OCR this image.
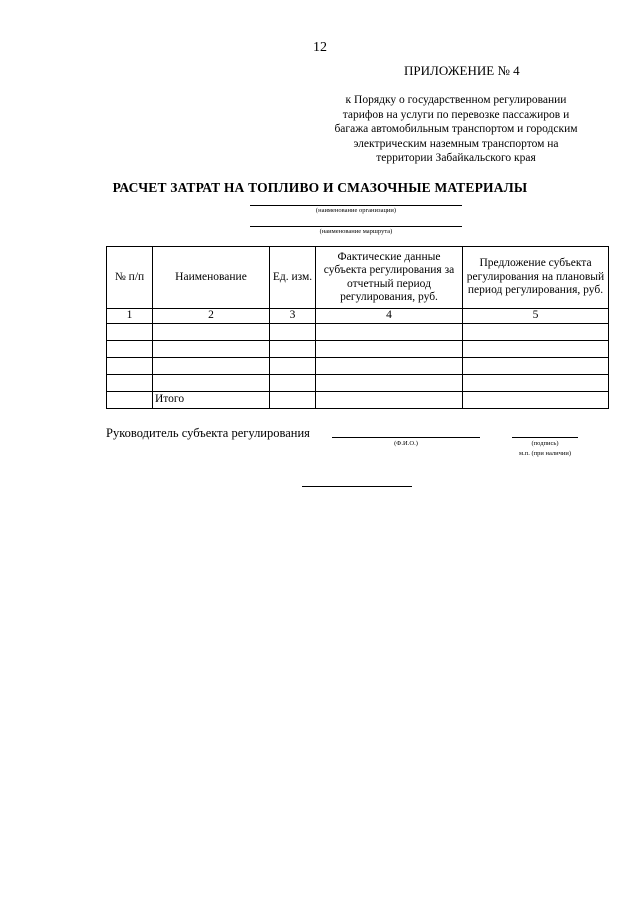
12
ПРИЛОЖЕНИЕ № 4
к Порядку о государственном регулировании
тарифов на услуги по перевозке пассажиров и
багажа автомобильным транспортом и городским
электрическим наземным транспортом на
территории Забайкальского края
РАСЧЕТ ЗАТРАТ НА ТОПЛИВО И СМАЗОЧНЫЕ МАТЕРИАЛЫ
(наименование организации)
(наименование маршрута)
№ п/п	Наименование	Ед. изм.	Фактические данные субъекта регулирования за отчетный период регулирования, руб.	Предложение субъекта регулирования на плановый период регулирования, руб.
1	2	3	4	5

	Итого			
Руководитель субъекта регулирования
(Ф.И.О.)	(подпись)
м.п. (при наличии)
